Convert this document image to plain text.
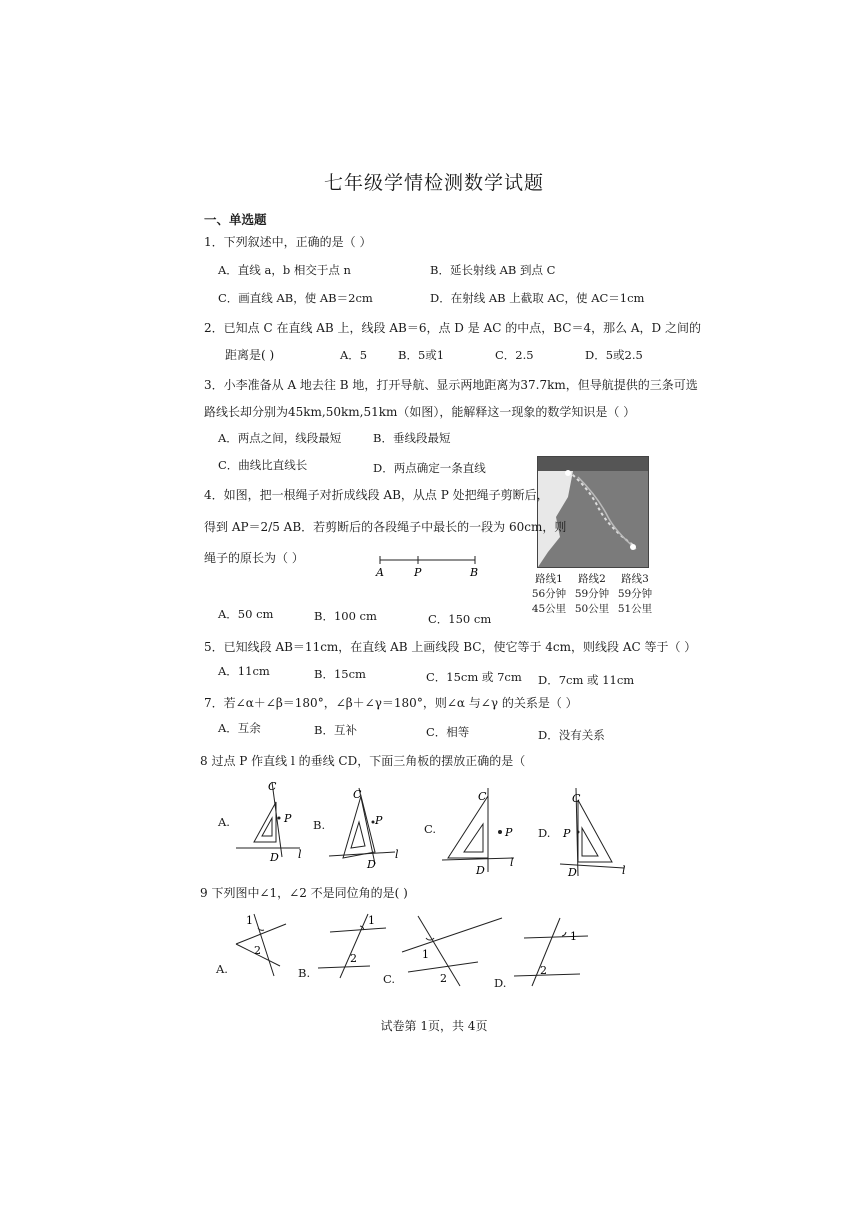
七年级学情检测数学试题
一、单选题
1．下列叙述中，正确的是（ ）
A．直线 a，b 相交于点 n	B．延长射线 AB 到点 C
C．画直线 AB，使 AB＝2cm	D．在射线 AB 上截取 AC，使 AC＝1cm
2．已知点 C 在直线 AB 上，线段 AB＝6，点 D 是 AC 的中点，BC＝4，那么 A，D 之间的
距离是( )	A．5	B．5或1	C．2.5	D．5或2.5
3．小李准备从 A 地去往 B 地，打开导航、显示两地距离为37.7km，但导航提供的三条可选
路线长却分别为45km,50km,51km（如图），能解释这一现象的数学知识是（ ）
A．两点之间，线段最短	B．垂线段最短
C．曲线比直线长	D．两点确定一条直线
路线1
56分钟
45公里
路线2
59分钟
50公里
路线3
59分钟
51公里
4．如图，把一根绳子对折成线段 AB，从点 P 处把绳子剪断后，
得到 AP＝2/5 AB．若剪断后的各段绳子中最长的一段为 60cm，则
绳子的原长为（ ）
A	P	B
A．50 cm	B．100 cm	C．150 cm
5．已知线段 AB＝11cm，在直线 AB 上画线段 BC，使它等于 4cm，则线段 AC 等于（ ）
A．11cm	B．15cm	C．15cm 或 7cm D．7cm 或 11cm
7．若∠α＋∠β＝180°，∠β＋∠γ＝180°，则∠α 与∠γ 的关系是（ ）
A．互余	B．互补	C．相等	D．没有关系
8 过点 P 作直线 l 的垂线 CD，下面三角板的摆放正确的是（
A.
C
P
D l
B.
C
P
D
l
C.
C
P
D
l
D.
C
P
D	l
9 下列图中∠1，∠2 不是同位角的是( )
A.
1
2
B.
1
2
C.
1
2	D.
1
2
试卷第 1页，共 4页
